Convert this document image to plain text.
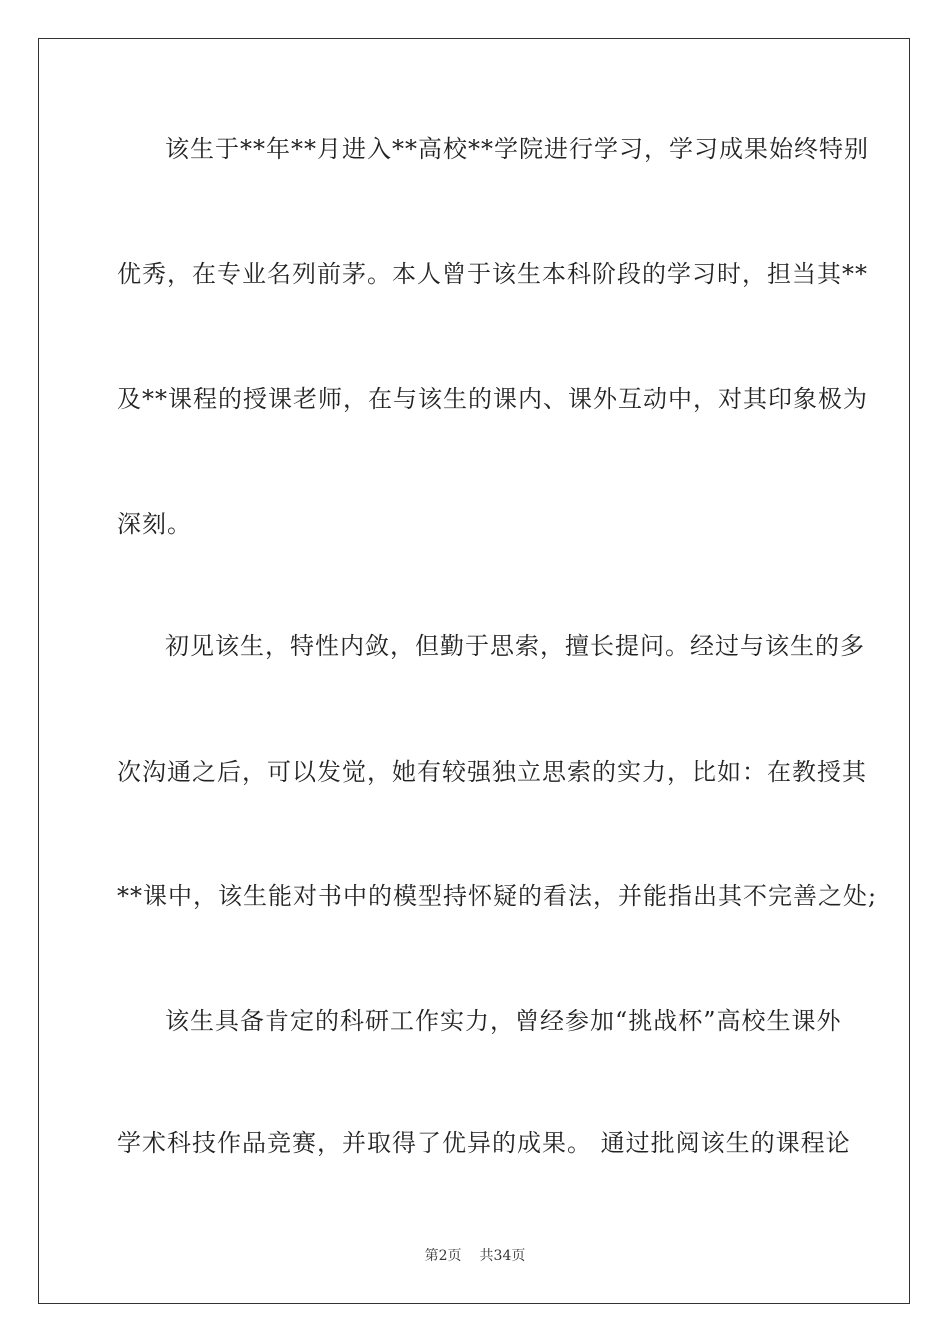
该生于**年**月进入**高校**学院进行学习，学习成果始终特别
优秀，在专业名列前茅。本人曾于该生本科阶段的学习时，担当其**
及**课程的授课老师，在与该生的课内、课外互动中，对其印象极为
深刻。
初见该生，特性内敛，但勤于思索，擅长提问。经过与该生的多
次沟通之后，可以发觉，她有较强独立思索的实力，比如：在教授其
**课中，该生能对书中的模型持怀疑的看法，并能指出其不完善之处;
该生具备肯定的科研工作实力，曾经参加“挑战杯”高校生课外
学术科技作品竞赛，并取得了优异的成果。 通过批阅该生的课程论
第2页 共34页
